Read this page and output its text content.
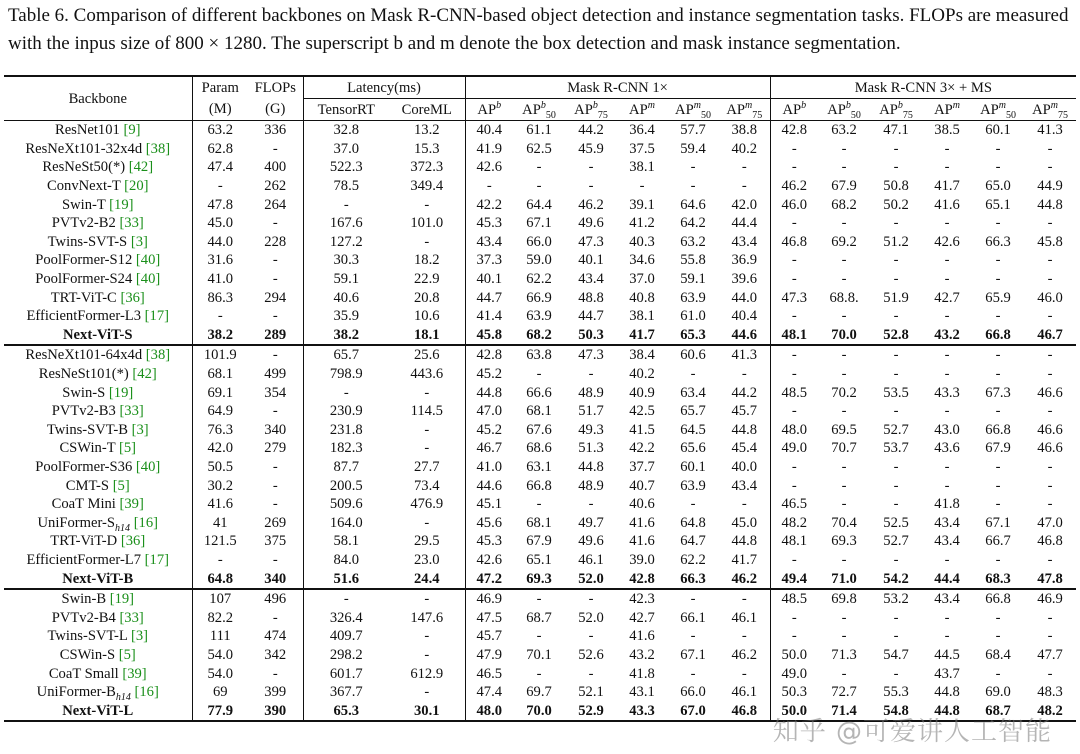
Table 6. Comparison of different backbones on Mask R-CNN-based object detection and instance segmentation tasks. FLOPs are measured with the inpus size of 800 × 1280. The superscript b and m denote the box detection and mask instance segmentation.
Backbone	Param	FLOPs	Latency(ms)		Mask R-CNN 1×						Mask R-CNN 3× + MS					
	(M)	(G)	TensorRT	CoreML	$AP^b$	$AP^b_{50}$	$AP^b_{75}$	$AP^m$	$AP^m_{50}$	$AP^m_{75}$	$AP^b$	$AP^b_{50}$	$AP^b_{75}$	$AP^m$	$AP^m_{50}$	$AP^m_{75}$
ResNet101 [9]	63.2	336	32.8	13.2	40.4	61.1	44.2	36.4	57.7	38.8	42.8	63.2	47.1	38.5	60.1	41.3
ResNeXt101-32x4d [38]	62.8	-	37.0	15.3	41.9	62.5	45.9	37.5	59.4	40.2	-	-	-	-	-	-
ResNeSt50(*) [42]	47.4	400	522.3	372.3	42.6	-	-	38.1	-	-	-	-	-	-	-	-
ConvNext-T [20]	-	262	78.5	349.4	-	-	-	-	-	-	46.2	67.9	50.8	41.7	65.0	44.9
Swin-T [19]	47.8	264	-	-	42.2	64.4	46.2	39.1	64.6	42.0	46.0	68.2	50.2	41.6	65.1	44.8
PVTv2-B2 [33]	45.0	-	167.6	101.0	45.3	67.1	49.6	41.2	64.2	44.4	-	-	-	-	-	-
Twins-SVT-S [3]	44.0	228	127.2	-	43.4	66.0	47.3	40.3	63.2	43.4	46.8	69.2	51.2	42.6	66.3	45.8
PoolFormer-S12 [40]	31.6	-	30.3	18.2	37.3	59.0	40.1	34.6	55.8	36.9	-	-	-	-	-	-
PoolFormer-S24 [40]	41.0	-	59.1	22.9	40.1	62.2	43.4	37.0	59.1	39.6	-	-	-	-	-	-
TRT-ViT-C [36]	86.3	294	40.6	20.8	44.7	66.9	48.8	40.8	63.9	44.0	47.3	68.8.	51.9	42.7	65.9	46.0
EfficientFormer-L3 [17]	-	-	35.9	10.6	41.4	63.9	44.7	38.1	61.0	40.4	-	-	-	-	-	-
Next-ViT-S	38.2	289	38.2	18.1	45.8	68.2	50.3	41.7	65.3	44.6	48.1	70.0	52.8	43.2	66.8	46.7
ResNeXt101-64x4d [38]	101.9	-	65.7	25.6	42.8	63.8	47.3	38.4	60.6	41.3	-	-	-	-	-	-
ResNeSt101(*) [42]	68.1	499	798.9	443.6	45.2	-	-	40.2	-	-	-	-	-	-	-	-
Swin-S [19]	69.1	354	-	-	44.8	66.6	48.9	40.9	63.4	44.2	48.5	70.2	53.5	43.3	67.3	46.6
PVTv2-B3 [33]	64.9	-	230.9	114.5	47.0	68.1	51.7	42.5	65.7	45.7	-	-	-	-	-	-
Twins-SVT-B [3]	76.3	340	231.8	-	45.2	67.6	49.3	41.5	64.5	44.8	48.0	69.5	52.7	43.0	66.8	46.6
CSWin-T [5]	42.0	279	182.3	-	46.7	68.6	51.3	42.2	65.6	45.4	49.0	70.7	53.7	43.6	67.9	46.6
PoolFormer-S36 [40]	50.5	-	87.7	27.7	41.0	63.1	44.8	37.7	60.1	40.0	-	-	-	-	-	-
CMT-S [5]	30.2	-	200.5	73.4	44.6	66.8	48.9	40.7	63.9	43.4	-	-	-	-	-	-
CoaT Mini [39]	41.6	-	509.6	476.9	45.1	-	-	40.6	-	-	46.5	-	-	41.8	-	-
UniFormer-$S_{h14}$ [16]	41	269	164.0	-	45.6	68.1	49.7	41.6	64.8	45.0	48.2	70.4	52.5	43.4	67.1	47.0
TRT-ViT-D [36]	121.5	375	58.1	29.5	45.3	67.9	49.6	41.6	64.7	44.8	48.1	69.3	52.7	43.4	66.7	46.8
EfficientFormer-L7 [17]	-	-	84.0	23.0	42.6	65.1	46.1	39.0	62.2	41.7	-	-	-	-	-	-
Next-ViT-B	64.8	340	51.6	24.4	47.2	69.3	52.0	42.8	66.3	46.2	49.4	71.0	54.2	44.4	68.3	47.8
Swin-B [19]	107	496	-	-	46.9	-	-	42.3	-	-	48.5	69.8	53.2	43.4	66.8	46.9
PVTv2-B4 [33]	82.2	-	326.4	147.6	47.5	68.7	52.0	42.7	66.1	46.1	-	-	-	-	-	-
Twins-SVT-L [3]	111	474	409.7	-	45.7	-	-	41.6	-	-	-	-	-	-	-	-
CSWin-S [5]	54.0	342	298.2	-	47.9	70.1	52.6	43.2	67.1	46.2	50.0	71.3	54.7	44.5	68.4	47.7
CoaT Small [39]	54.0	-	601.7	612.9	46.5	-	-	41.8	-	-	49.0	-	-	43.7	-	-
UniFormer-$B_{h14}$ [16]	69	399	367.7	-	47.4	69.7	52.1	43.1	66.0	46.1	50.3	72.7	55.3	44.8	69.0	48.3
Next-ViT-L	77.9	390	65.3	30.1	48.0	70.0	52.9	43.3	67.0	46.8	50.0	71.4	54.8	44.8	68.7	48.2
知乎 @可爱讲人工智能
